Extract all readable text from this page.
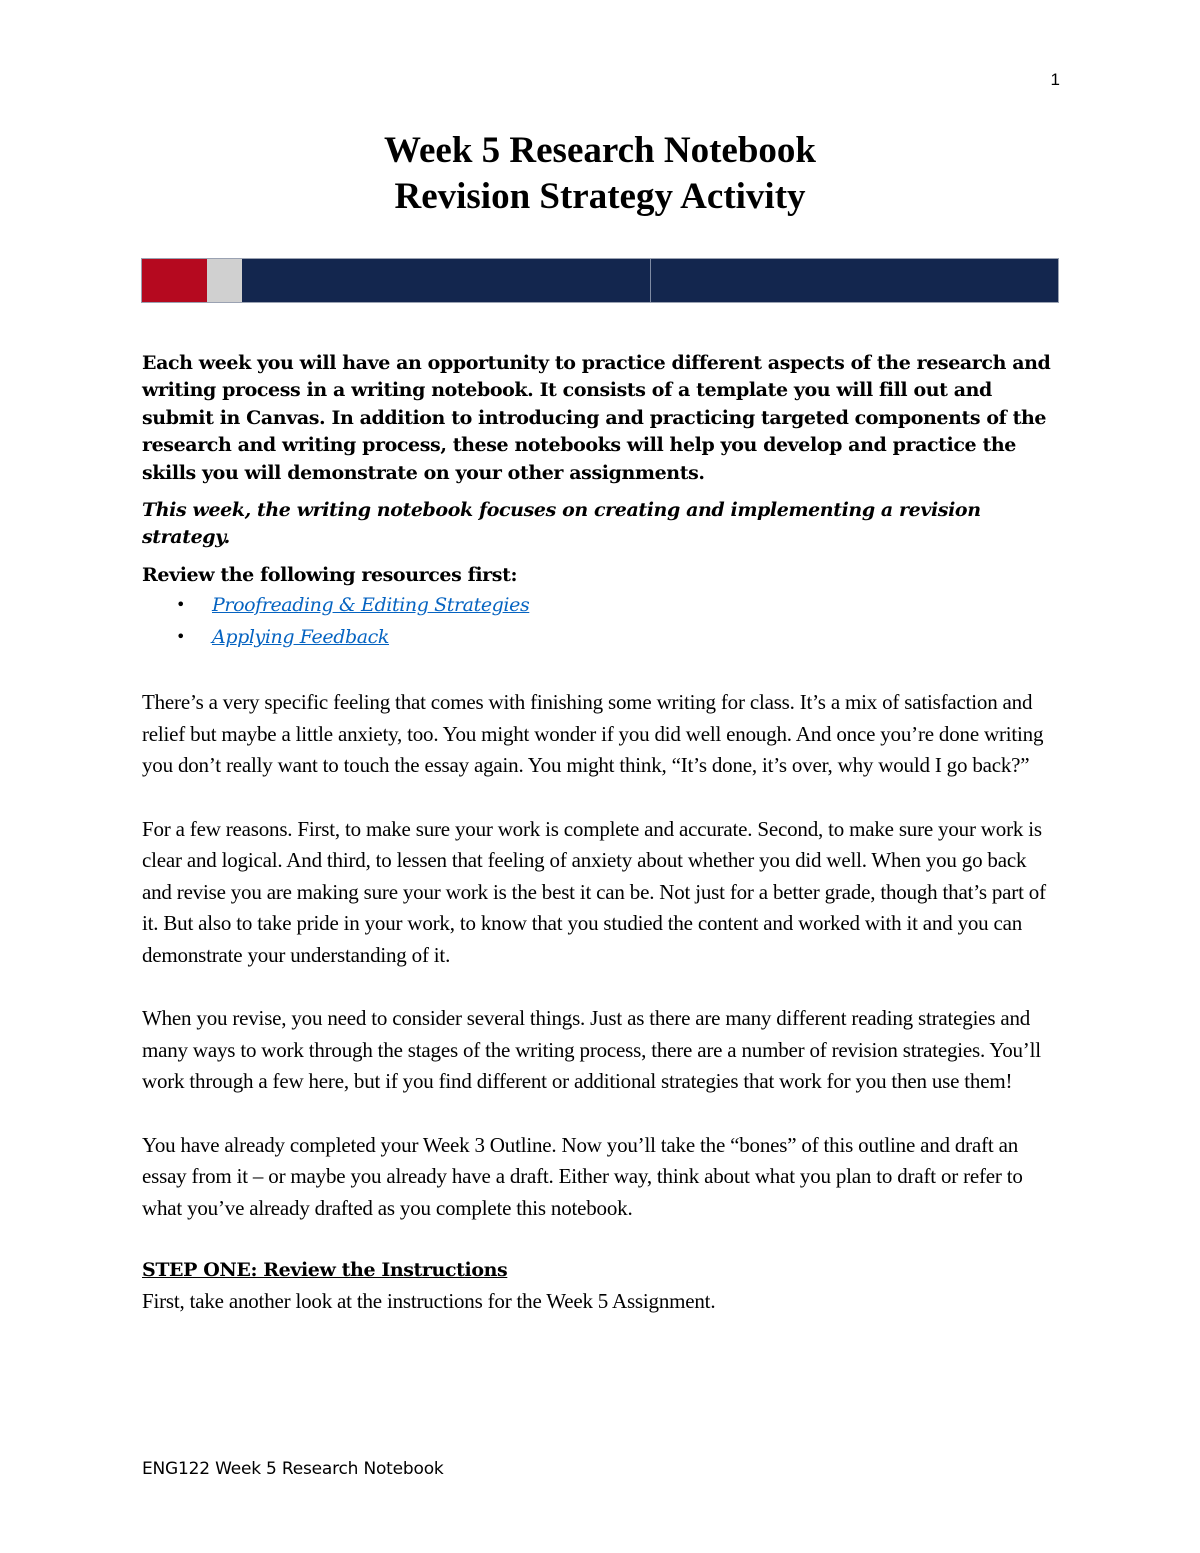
1
Week 5 Research Notebook
Revision Strategy Activity

Each week you will have an opportunity to practice different aspects of the research and writing process in a writing notebook. It consists of a template you will fill out and submit in Canvas. In addition to introducing and practicing targeted components of the research and writing process, these notebooks will help you develop and practice the skills you will demonstrate on your other assignments.

This week, the writing notebook focuses on creating and implementing a revision strategy.

Review the following resources first:

• Proofreading & Editing Strategies
• Applying Feedback

There’s a very specific feeling that comes with finishing some writing for class. It’s a mix of satisfaction and relief but maybe a little anxiety, too. You might wonder if you did well enough. And once you’re done writing you don’t really want to touch the essay again. You might think, “It’s done, it’s over, why would I go back?”

For a few reasons. First, to make sure your work is complete and accurate. Second, to make sure your work is clear and logical. And third, to lessen that feeling of anxiety about whether you did well. When you go back and revise you are making sure your work is the best it can be. Not just for a better grade, though that’s part of it. But also to take pride in your work, to know that you studied the content and worked with it and you can demonstrate your understanding of it.

When you revise, you need to consider several things. Just as there are many different reading strategies and many ways to work through the stages of the writing process, there are a number of revision strategies. You’ll work through a few here, but if you find different or additional strategies that work for you then use them!

You have already completed your Week 3 Outline. Now you’ll take the “bones” of this outline and draft an essay from it – or maybe you already have a draft. Either way, think about what you plan to draft or refer to what you’ve already drafted as you complete this notebook.

STEP ONE: Review the Instructions

First, take another look at the instructions for the Week 5 Assignment.

ENG122 Week 5 Research Notebook
